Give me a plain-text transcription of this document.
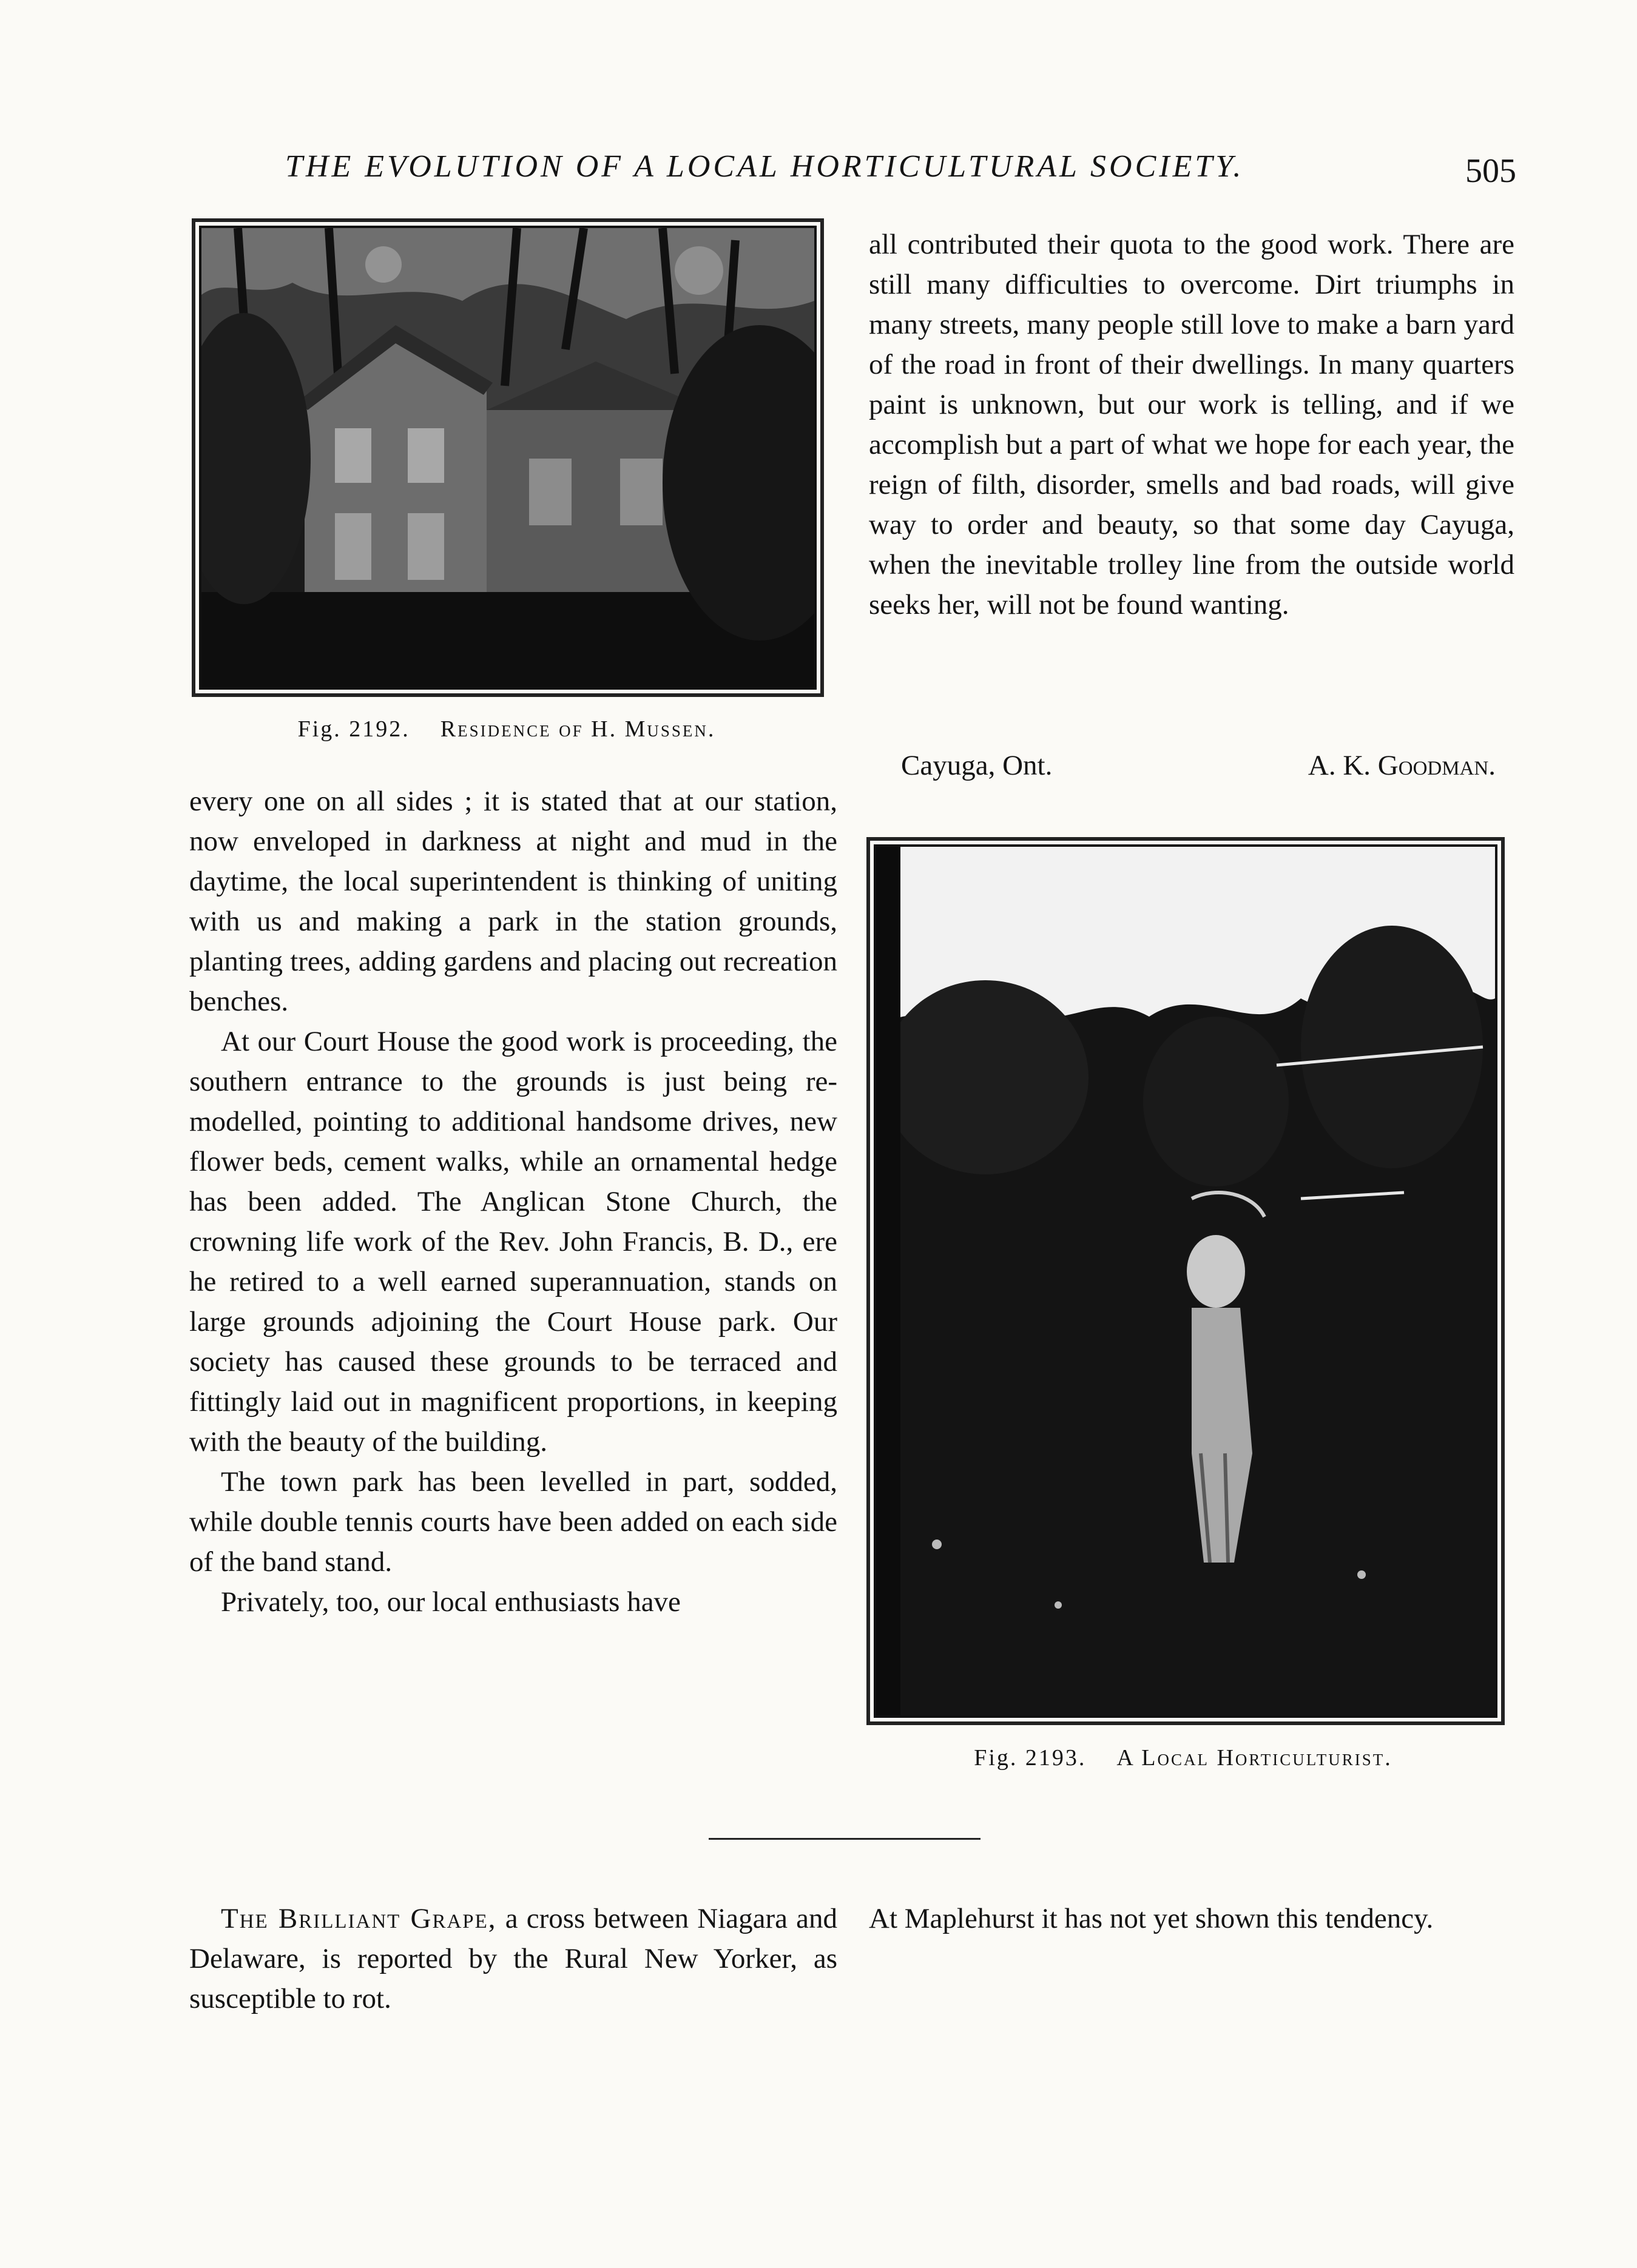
THE EVOLUTION OF A LOCAL HORTICULTURAL SOCIETY.	505
Fig. 2192. Residence of H. Mussen.

every one on all sides ; it is stated that at our station, now enveloped in darkness at night and mud in the daytime, the local superintendent is thinking of uniting with us and making a park in the station grounds, planting trees, adding gardens and placing out recreation benches.

At our Court House the good work is proceeding, the southern entrance to the grounds is just being re-modelled, pointing to additional handsome drives, new flower beds, cement walks, while an ornamental hedge has been added. The Anglican Stone Church, the crowning life work of the Rev. John Francis, B. D., ere he retired to a well earned superannuation, stands on large grounds adjoining the Court House park. Our society has caused these grounds to be terraced and fittingly laid out in magnificent proportions, in keeping with the beauty of the building.

The town park has been levelled in part, sodded, while double tennis courts have been added on each side of the band stand.

Privately, too, our local enthusiasts have

all contributed their quota to the good work. There are still many difficulties to overcome. Dirt triumphs in many streets, many people still love to make a barn yard of the road in front of their dwellings. In many quarters paint is unknown, but our work is telling, and if we accomplish but a part of what we hope for each year, the reign of filth, disorder, smells and bad roads, will give way to order and beauty, so that some day Cayuga, when the inevitable trolley line from the outside world seeks her, will not be found wanting.

Cayuga, Ont.	A. K. Goodman.
Fig. 2193. A Local Horticulturist.
The Brilliant Grape, a cross between Niagara and Delaware, is reported by the Rural New Yorker, as susceptible to rot.
At Maplehurst it has not yet shown this tendency.
